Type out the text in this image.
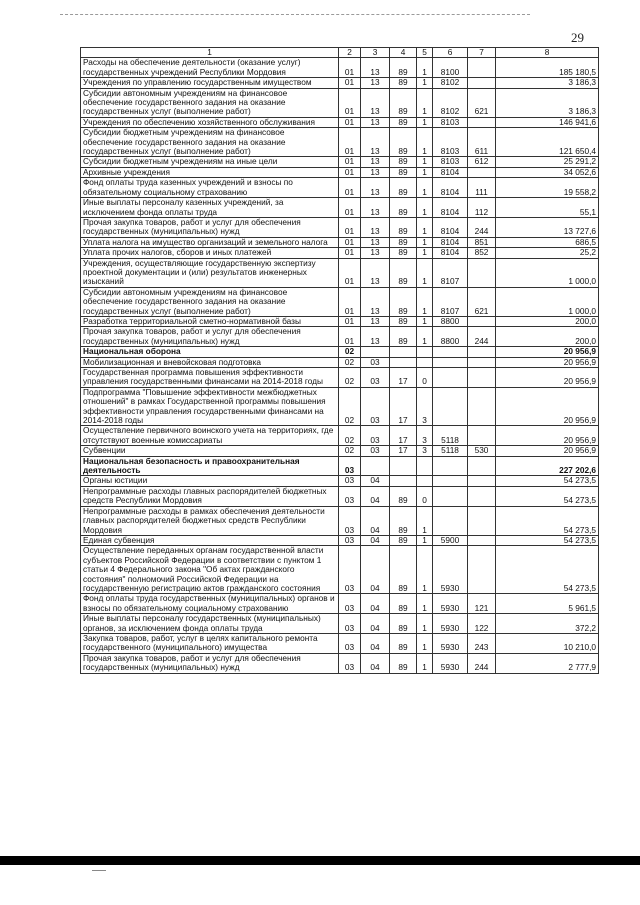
29
1	2	3	4	5	6	7	8
Расходы на обеспечение деятельности (оказание услуг) государственных учреждений Республики Мордовия	01	13	89	1	8100		185 180,5
Учреждения по управлению государственным имуществом	01	13	89	1	8102		3 186,3
Субсидии автономным учреждениям на финансовое обеспечение государственного задания на оказание государственных услуг (выполнение работ)	01	13	89	1	8102	621	3 186,3
Учреждения по обеспечению хозяйственного обслуживания	01	13	89	1	8103		146 941,6
Субсидии бюджетным учреждениям на финансовое обеспечение государственного задания на оказание государственных услуг (выполнение работ)	01	13	89	1	8103	611	121 650,4
Субсидии бюджетным учреждениям на иные цели	01	13	89	1	8103	612	25 291,2
Архивные учреждения	01	13	89	1	8104		34 052,6
Фонд оплаты труда казенных учреждений и взносы по обязательному социальному страхованию	01	13	89	1	8104	111	19 558,2
Иные выплаты персоналу казенных учреждений, за исключением фонда оплаты труда	01	13	89	1	8104	112	55,1
Прочая закупка товаров, работ и услуг для обеспечения государственных (муниципальных) нужд	01	13	89	1	8104	244	13 727,6
Уплата налога на имущество организаций и земельного налога	01	13	89	1	8104	851	686,5
Уплата прочих налогов, сборов и иных платежей	01	13	89	1	8104	852	25,2
Учреждения, осуществляющие государственную экспертизу проектной документации и (или) результатов инженерных изысканий	01	13	89	1	8107		1 000,0
Субсидии автономным учреждениям на финансовое обеспечение государственного задания на оказание государственных услуг (выполнение работ)	01	13	89	1	8107	621	1 000,0
Разработка территориальной сметно-нормативной базы	01	13	89	1	8800		200,0
Прочая закупка товаров, работ и услуг для обеспечения государственных (муниципальных) нужд	01	13	89	1	8800	244	200,0
Национальная оборона	02						20 956,9
Мобилизационная и вневойсковая подготовка	02	03					20 956,9
Государственная программа повышения эффективности управления государственными финансами на 2014-2018 годы	02	03	17	0			20 956,9
Подпрограмма "Повышение эффективности межбюджетных отношений" в рамках Государственной программы повышения эффективности управления государственными финансами на 2014-2018 годы	02	03	17	3			20 956,9
Осуществление первичного воинского учета на территориях, где отсутствуют военные комиссариаты	02	03	17	3	5118		20 956,9
Субвенции	02	03	17	3	5118	530	20 956,9
Национальная безопасность и правоохранительная деятельность	03						227 202,6
Органы юстиции	03	04					54 273,5
Непрограммные расходы главных распорядителей бюджетных средств Республики Мордовия	03	04	89	0			54 273,5
Непрограммные расходы в рамках обеспечения деятельности главных распорядителей бюджетных средств Республики Мордовия	03	04	89	1			54 273,5
Единая субвенция	03	04	89	1	5900		54 273,5
Осуществление переданных органам государственной власти субъектов Российской Федерации в соответствии с пунктом 1 статьи 4 Федерального закона "Об актах гражданского состояния" полномочий Российской Федерации на государственную регистрацию актов гражданского состояния	03	04	89	1	5930		54 273,5
Фонд оплаты труда государственных (муниципальных) органов и взносы по обязательному социальному страхованию	03	04	89	1	5930	121	5 961,5
Иные выплаты персоналу государственных (муниципальных) органов, за исключением фонда оплаты труда	03	04	89	1	5930	122	372,2
Закупка товаров, работ, услуг в целях капитального ремонта государственного (муниципального) имущества	03	04	89	1	5930	243	10 210,0
Прочая закупка товаров, работ и услуг для обеспечения государственных (муниципальных) нужд	03	04	89	1	5930	244	2 777,9
